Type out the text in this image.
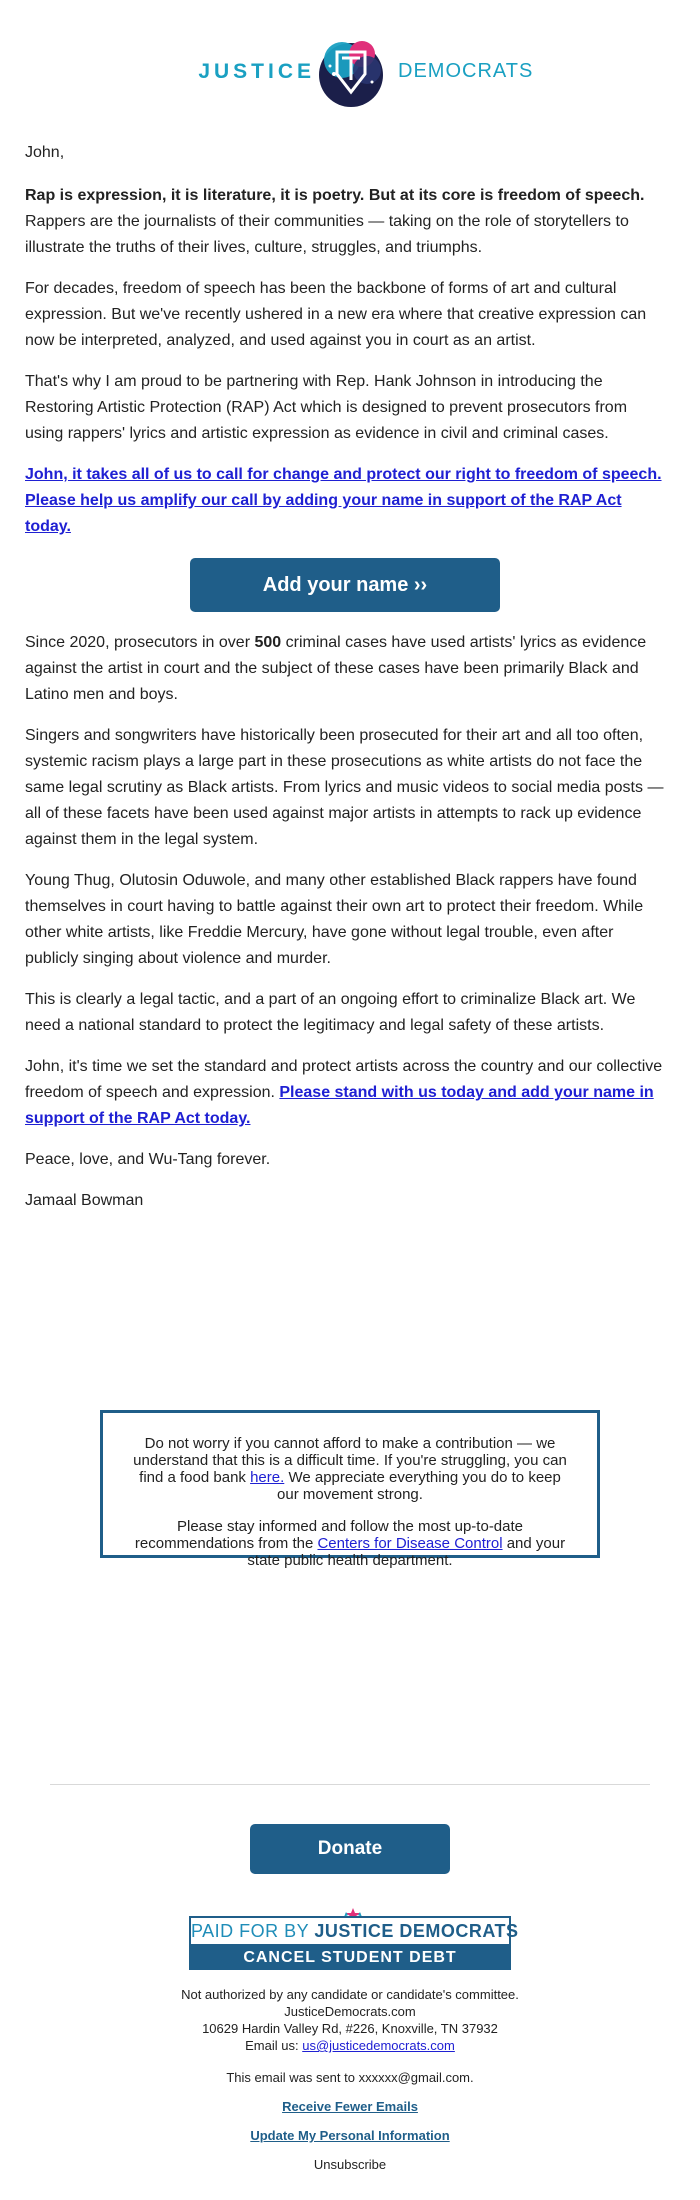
JUSTICE	DEMOCRATS

John,

Rap is expression, it is literature, it is poetry. But at its core is freedom of speech. Rappers are the journalists of their communities — taking on the role of storytellers to illustrate the truths of their lives, culture, struggles, and triumphs.

For decades, freedom of speech has been the backbone of forms of art and cultural expression. But we've recently ushered in a new era where that creative expression can now be interpreted, analyzed, and used against you in court as an artist.

That's why I am proud to be partnering with Rep. Hank Johnson in introducing the Restoring Artistic Protection (RAP) Act which is designed to prevent prosecutors from using rappers' lyrics and artistic expression as evidence in civil and criminal cases.

John, it takes all of us to call for change and protect our right to freedom of speech. Please help us amplify our call by adding your name in support of the RAP Act today.

Add your name ››

Since 2020, prosecutors in over 500 criminal cases have used artists' lyrics as evidence against the artist in court and the subject of these cases have been primarily Black and Latino men and boys.

Singers and songwriters have historically been prosecuted for their art and all too often, systemic racism plays a large part in these prosecutions as white artists do not face the same legal scrutiny as Black artists. From lyrics and music videos to social media posts — all of these facets have been used against major artists in attempts to rack up evidence against them in the legal system.

Young Thug, Olutosin Oduwole, and many other established Black rappers have found themselves in court having to battle against their own art to protect their freedom. While other white artists, like Freddie Mercury, have gone without legal trouble, even after publicly singing about violence and murder.

This is clearly a legal tactic, and a part of an ongoing effort to criminalize Black art. We need a national standard to protect the legitimacy and legal safety of these artists.

John, it's time we set the standard and protect artists across the country and our collective freedom of speech and expression. Please stand with us today and add your name in support of the RAP Act today.

Peace, love, and Wu-Tang forever.

Jamaal Bowman

Do not worry if you cannot afford to make a contribution — we understand that this is a difficult time. If you're struggling, you can find a food bank here. We appreciate everything you do to keep our movement strong.

Please stay informed and follow the most up-to-date recommendations from the Centers for Disease Control and your state public health department.

Donate
PAID FOR BY JUSTICE DEMOCRATS
CANCEL STUDENT DEBT
Not authorized by any candidate or candidate's committee.
JusticeDemocrats.com
10629 Hardin Valley Rd, #226, Knoxville, TN 37932
Email us: us@justicedemocrats.com
This email was sent to xxxxxx@gmail.com.
Receive Fewer Emails
Update My Personal Information
Unsubscribe
